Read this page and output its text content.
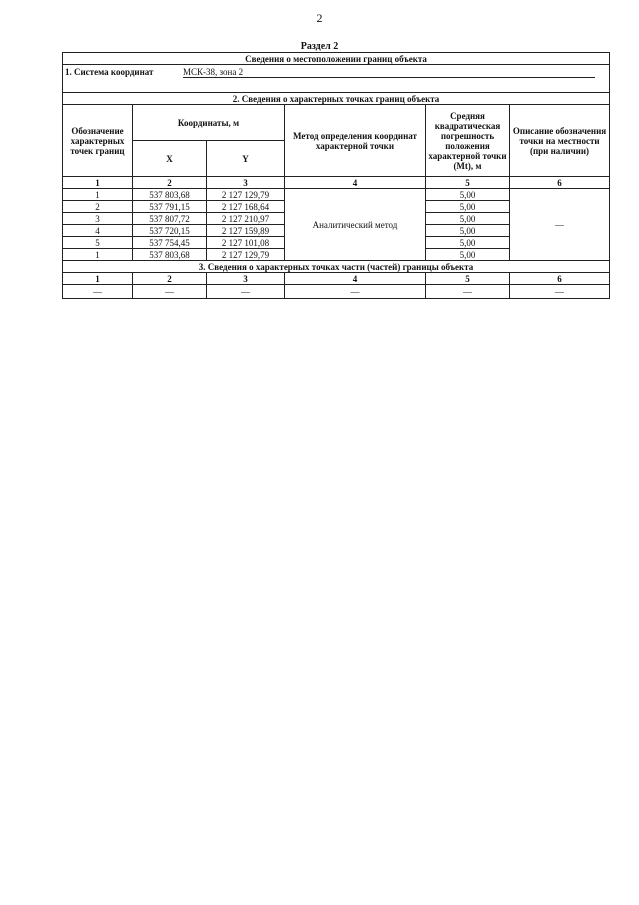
2
Раздел 2
Сведения о местоположении границ объекта					
1. Система координат МСК-38, зона 2					
2. Сведения о характерных точках границ объекта					
Обозначение характерных точек границ	Координаты, м		Метод определения координат характерной точки	Средняя квадратическая погрешность положения характерной точки (Mt), м	Описание обозначения точки на местности (при наличии)
	X	Y			
1	2	3	4	5	6
1	537 803,68	2 127 129,79	Аналитический метод	5,00	—
2	537 791,15	2 127 168,64		5,00	
3	537 807,72	2 127 210,97		5,00	
4	537 720,15	2 127 159,89		5,00	
5	537 754,45	2 127 101,08		5,00	
1	537 803,68	2 127 129,79		5,00	
3. Сведения о характерных точках части (частей) границы объекта					
1	2	3	4	5	6
—	—	—	—	—	—
